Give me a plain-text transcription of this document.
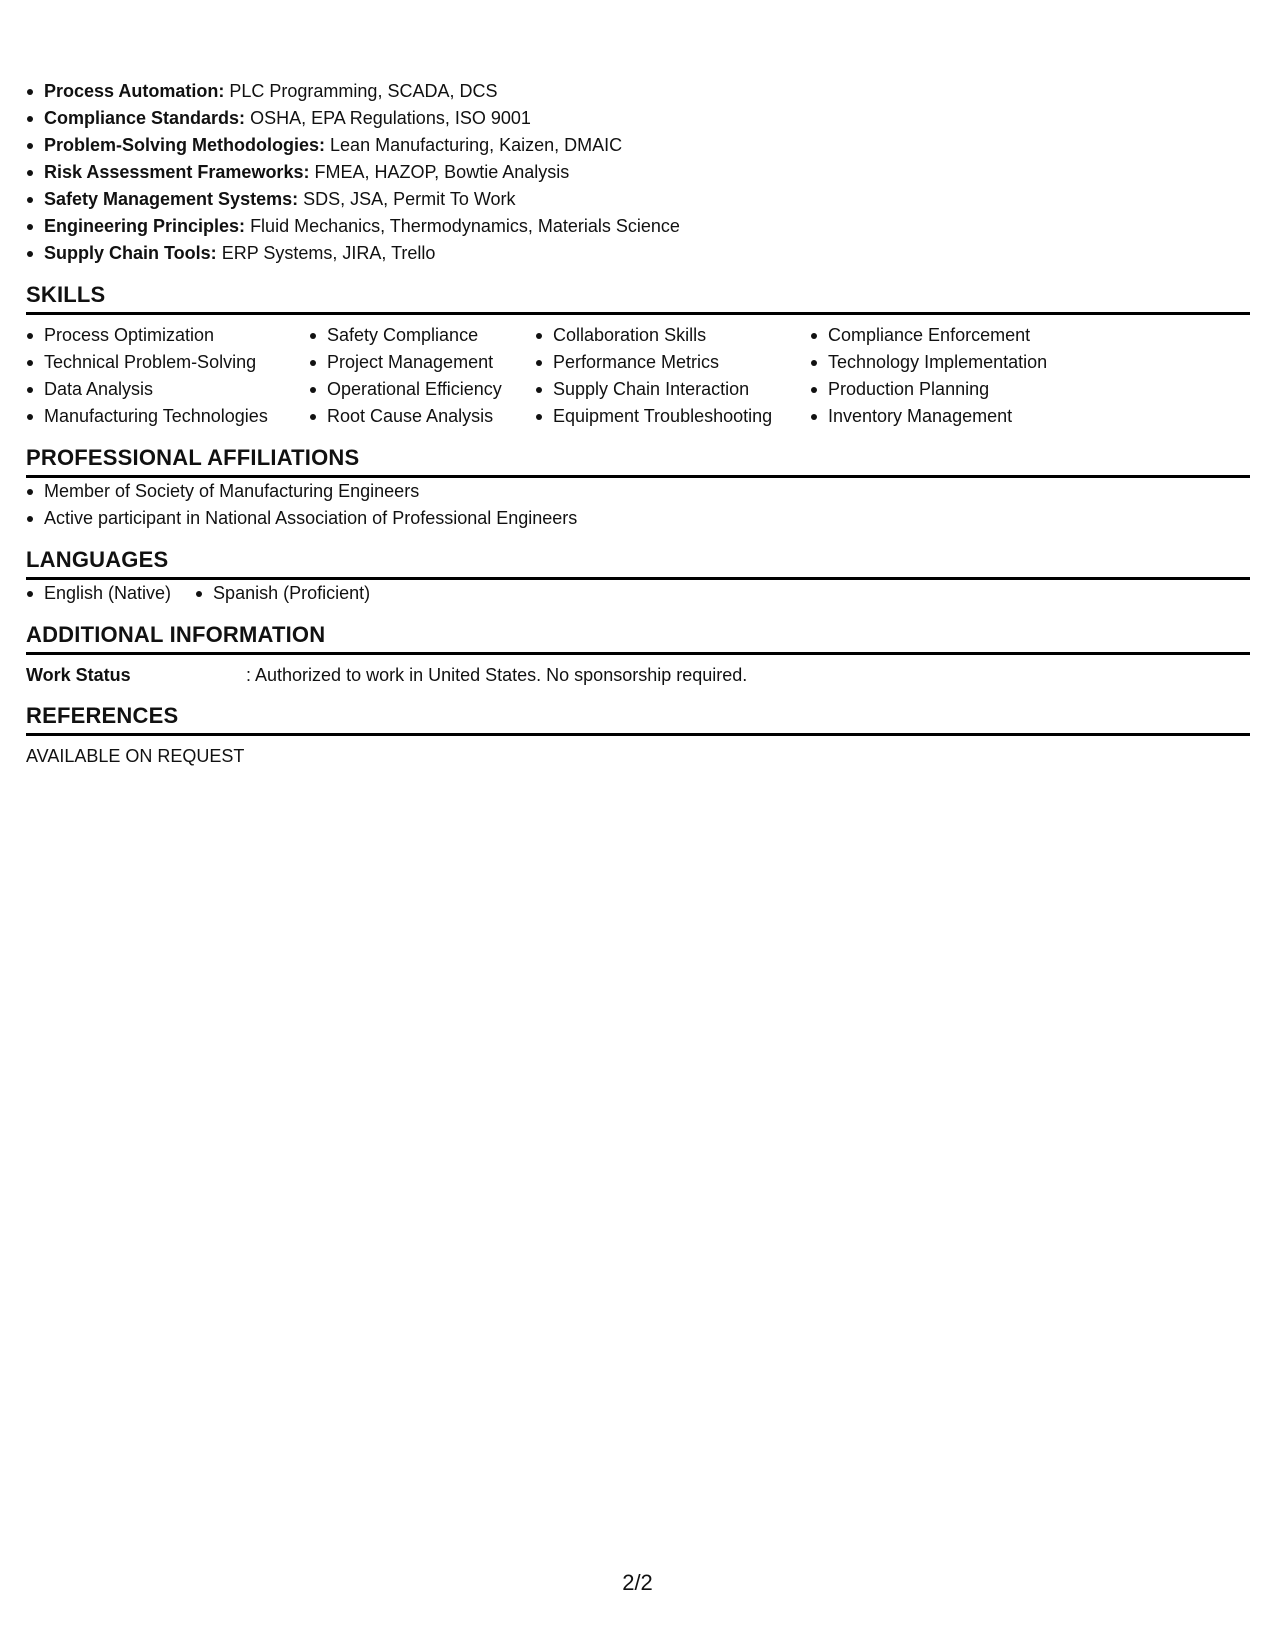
Process Automation: PLC Programming, SCADA, DCS
Compliance Standards: OSHA, EPA Regulations, ISO 9001
Problem-Solving Methodologies: Lean Manufacturing, Kaizen, DMAIC
Risk Assessment Frameworks: FMEA, HAZOP, Bowtie Analysis
Safety Management Systems: SDS, JSA, Permit To Work
Engineering Principles: Fluid Mechanics, Thermodynamics, Materials Science
Supply Chain Tools: ERP Systems, JIRA, Trello
SKILLS
Process Optimization
Technical Problem-Solving
Data Analysis
Manufacturing Technologies
Safety Compliance
Project Management
Operational Efficiency
Root Cause Analysis
Collaboration Skills
Performance Metrics
Supply Chain Interaction
Equipment Troubleshooting
Compliance Enforcement
Technology Implementation
Production Planning
Inventory Management
PROFESSIONAL AFFILIATIONS
Member of Society of Manufacturing Engineers
Active participant in National Association of Professional Engineers
LANGUAGES
English (Native)	Spanish (Proficient)
ADDITIONAL INFORMATION
Work Status	: Authorized to work in United States. No sponsorship required.
REFERENCES
AVAILABLE ON REQUEST
2/2
